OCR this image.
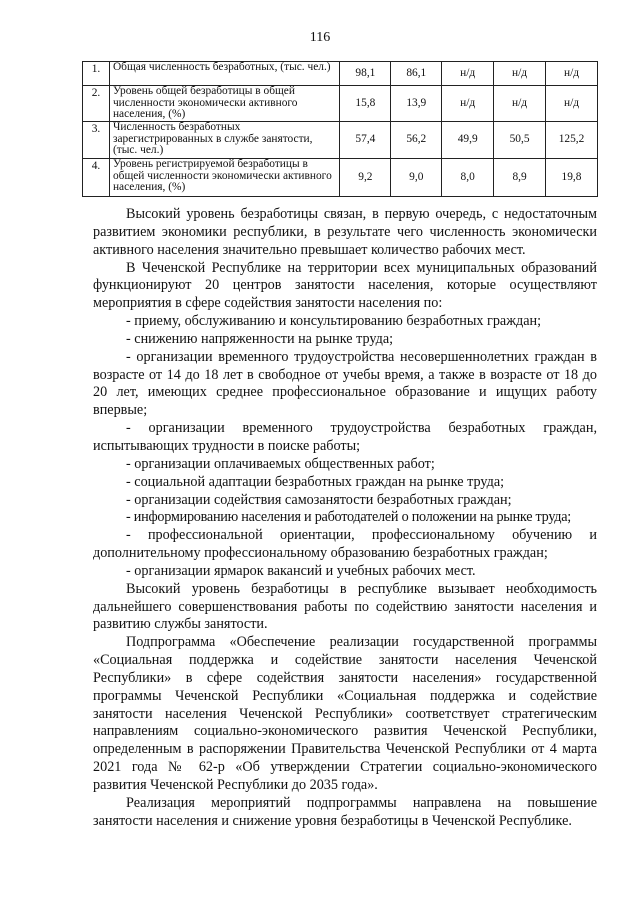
116
1.	Общая численность безработных, (тыс. чел.)	98,1	86,1	н/д	н/д	н/д
2.	Уровень общей безработицы в общей численности экономически активного населения, (%)	15,8	13,9	н/д	н/д	н/д
3.	Численность безработных зарегистрированных в службе занятости, (тыс. чел.)	57,4	56,2	49,9	50,5	125,2
4.	Уровень регистрируемой безработицы в общей численности экономически активного населения, (%)	9,2	9,0	8,0	8,9	19,8

Высокий уровень безработицы связан, в первую очередь, с недостаточным развитием экономики республики, в результате чего численность экономически активного населения значительно превышает количество рабочих мест.

В Чеченской Республике на территории всех муниципальных образований функционируют 20 центров занятости населения, которые осуществляют мероприятия в сфере содействия занятости населения по:

- приему, обслуживанию и консультированию безработных граждан;

- снижению напряженности на рынке труда;

- организации временного трудоустройства несовершеннолетних граждан в возрасте от 14 до 18 лет в свободное от учебы время, а также в возрасте от 18 до 20 лет, имеющих среднее профессиональное образование и ищущих работу впервые;

- организации временного трудоустройства безработных граждан, испытывающих трудности в поиске работы;

- организации оплачиваемых общественных работ;

- социальной адаптации безработных граждан на рынке труда;

- организации содействия самозанятости безработных граждан;

- информированию населения и работодателей о положении на рынке труда;

- профессиональной ориентации, профессиональному обучению и дополнительному профессиональному образованию безработных граждан;

- организации ярмарок вакансий и учебных рабочих мест.

Высокий уровень безработицы в республике вызывает необходимость дальнейшего совершенствования работы по содействию занятости населения и развитию службы занятости.

Подпрограмма «Обеспечение реализации государственной программы «Социальная поддержка и содействие занятости населения Чеченской Республики» в сфере содействия занятости населения» государственной программы Чеченской Республики «Социальная поддержка и содействие занятости населения Чеченской Республики» соответствует стратегическим направлениям социально-экономического развития Чеченской Республики, определенным в распоряжении Правительства Чеченской Республики от 4 марта 2021 года № 62-р «Об утверждении Стратегии социально-экономического развития Чеченской Республики до 2035 года».

Реализация мероприятий подпрограммы направлена на повышение занятости населения и снижение уровня безработицы в Чеченской Республике.
